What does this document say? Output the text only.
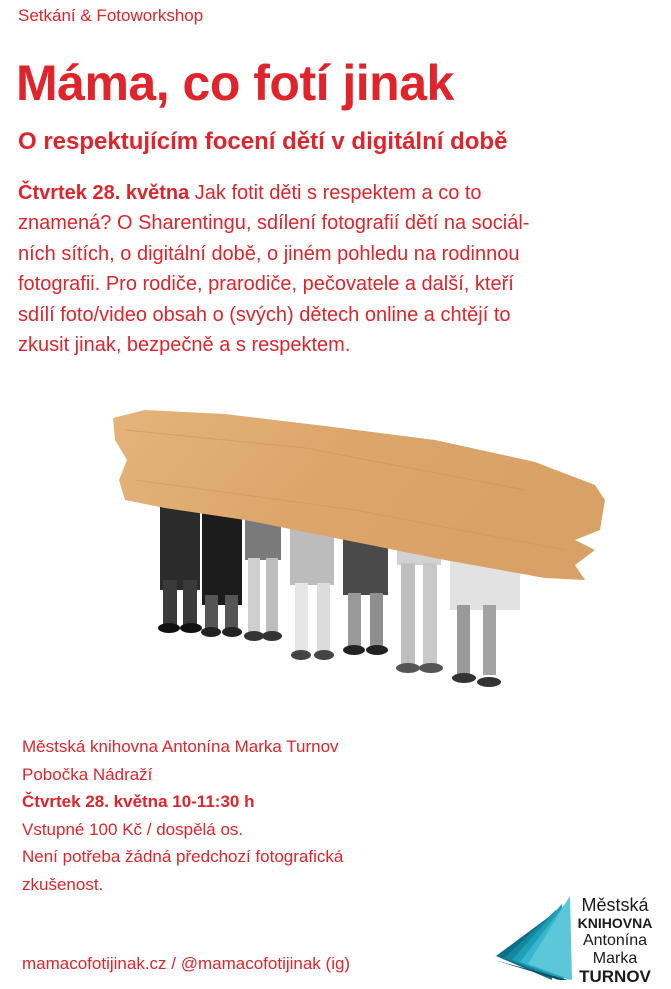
Setkání & Fotoworkshop
Máma, co fotí jinak
O respektujícím focení dětí v digitální době

Čtvrtek 28. května Jak fotit děti s respektem a co to
znamená? O Sharentingu, sdílení fotografií dětí na sociál-
ních sítích, o digitální době, o jiném pohledu na rodinnou
fotografii. Pro rodiče, prarodiče, pečovatele a další, kteří
sdílí foto/video obsah o (svých) dětech online a chtějí to
zkusit jinak, bezpečně a s respektem.

Městská knihovna Antonína Marka Turnov
Pobočka Nádraží
Čtvrtek 28. května 10-11:30 h
Vstupné 100 Kč / dospělá os.
Není potřeba žádná předchozí fotografická
zkušenost.
mamacofotijinak.cz / @mamacofotijinak (ig)
Městská
KNIHOVNA
Antonína
Marka
TURNOV
